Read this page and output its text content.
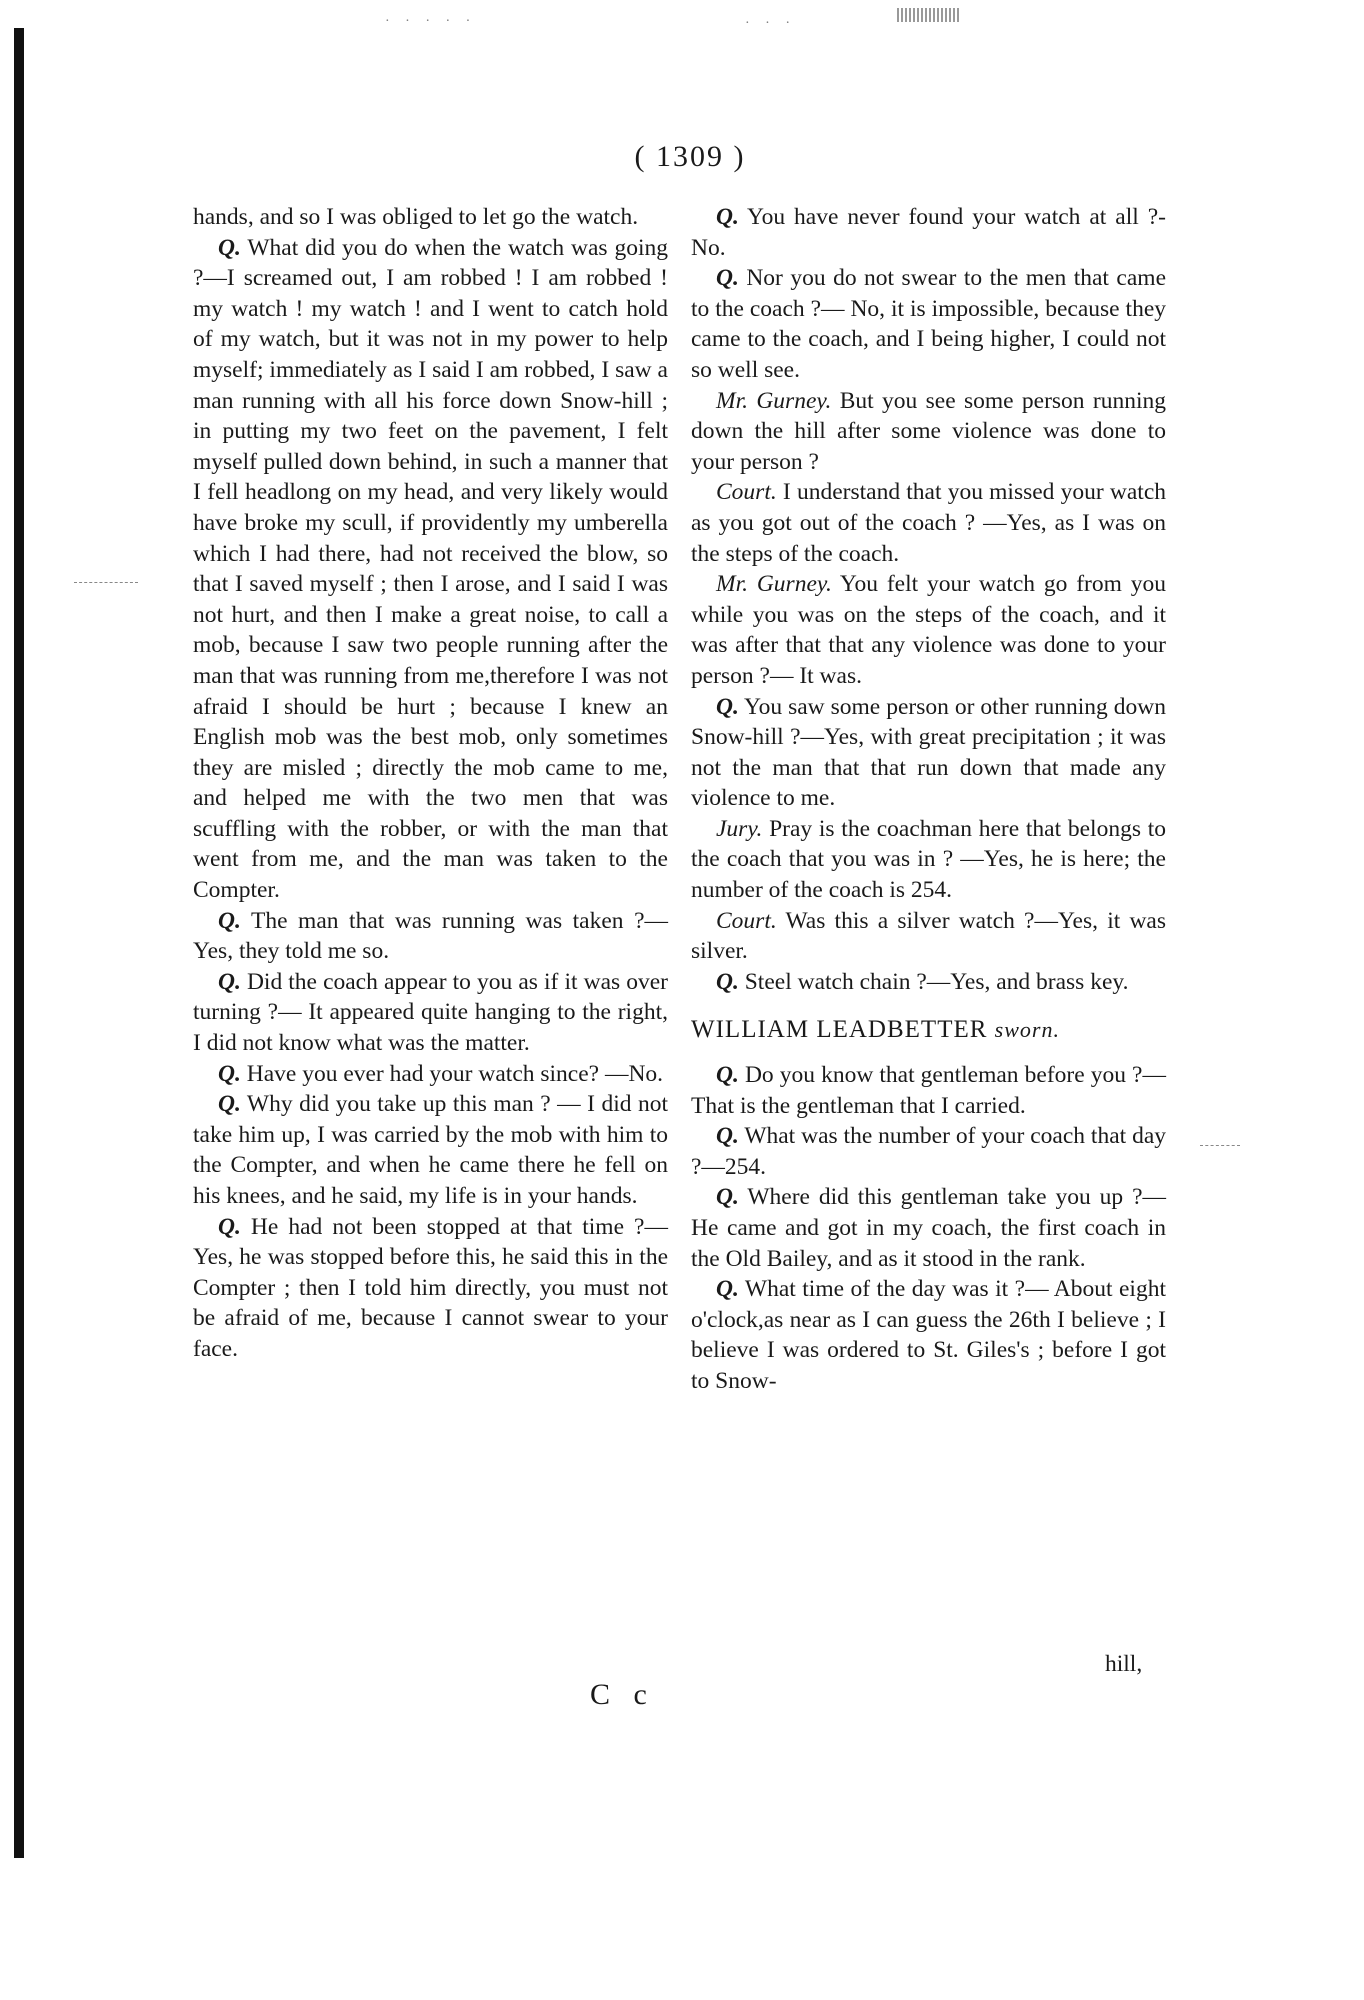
· · · · ·	· · ·
( 1309 )

hands, and so I was obliged to let go the watch.

Q. What did you do when the watch was going ?—I screamed out, I am robbed ! I am robbed ! my watch ! my watch ! and I went to catch hold of my watch, but it was not in my power to help myself; immediately as I said I am robbed, I saw a man running with all his force down Snow-hill ; in putting my two feet on the pavement, I felt myself pulled down behind, in such a manner that I fell headlong on my head, and very likely would have broke my scull, if providently my umberella which I had there, had not received the blow, so that I saved myself ; then I arose, and I said I was not hurt, and then I make a great noise, to call a mob, because I saw two people running after the man that was running from me,therefore I was not afraid I should be hurt ; because I knew an English mob was the best mob, only sometimes they are misled ; directly the mob came to me, and helped me with the two men that was scuffling with the robber, or with the man that went from me, and the man was taken to the Compter.

Q. The man that was running was taken ?—Yes, they told me so.

Q. Did the coach appear to you as if it was over turning ?— It appeared quite hanging to the right, I did not know what was the matter.

Q. Have you ever had your watch since? —No.

Q. Why did you take up this man ? — I did not take him up, I was carried by the mob with him to the Compter, and when he came there he fell on his knees, and he said, my life is in your hands.

Q. He had not been stopped at that time ?—Yes, he was stopped before this, he said this in the Compter ; then I told him directly, you must not be afraid of me, because I cannot swear to your face.

Q. You have never found your watch at all ?- No.

Q. Nor you do not swear to the men that came to the coach ?— No, it is impossible, because they came to the coach, and I being higher, I could not so well see.

Mr. Gurney. But you see some person running down the hill after some violence was done to your person ?

Court. I understand that you missed your watch as you got out of the coach ? —Yes, as I was on the steps of the coach.

Mr. Gurney. You felt your watch go from you while you was on the steps of the coach, and it was after that that any violence was done to your person ?— It was.

Q. You saw some person or other running down Snow-hill ?—Yes, with great precipitation ; it was not the man that that run down that made any violence to me.

Jury. Pray is the coachman here that belongs to the coach that you was in ? —Yes, he is here; the number of the coach is 254.

Court. Was this a silver watch ?—Yes, it was silver.

Q. Steel watch chain ?—Yes, and brass key.

WILLIAM LEADBETTER sworn.

Q. Do you know that gentleman before you ?—That is the gentleman that I carried.

Q. What was the number of your coach that day ?—254.

Q. Where did this gentleman take you up ?—He came and got in my coach, the first coach in the Old Bailey, and as it stood in the rank.

Q. What time of the day was it ?— About eight o'clock,as near as I can guess the 26th I believe ; I believe I was ordered to St. Giles's ; before I got to Snow-

C c
hill,
